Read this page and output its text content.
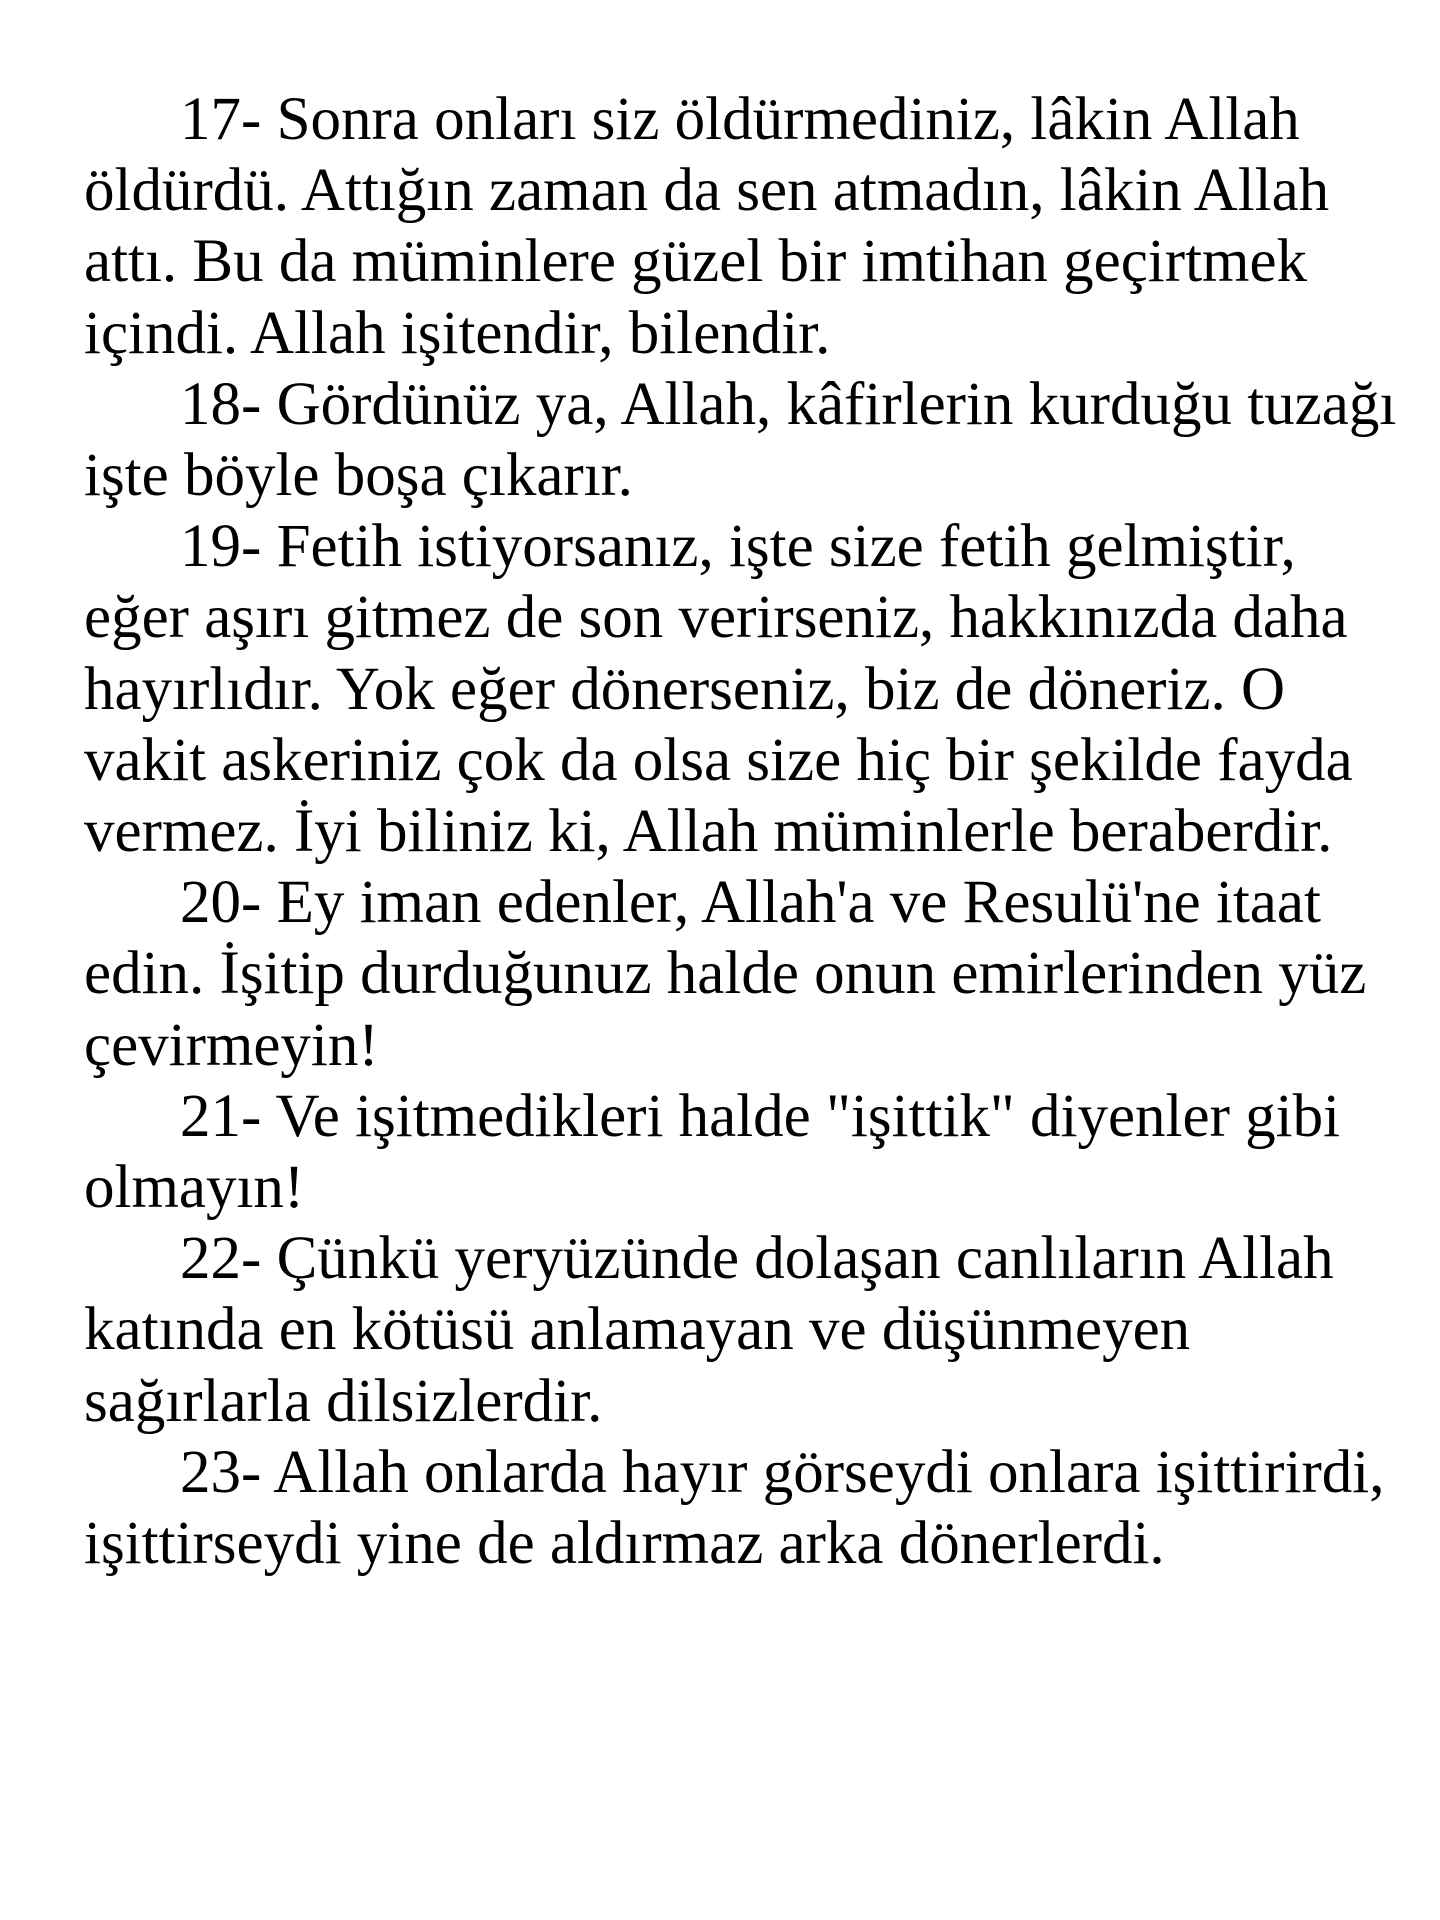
17- Sonra onları siz öldürmediniz, lâkin Allah öldürdü. Attığın zaman da sen atmadın, lâkin Allah attı. Bu da müminlere güzel bir imtihan geçirtmek içindi. Allah işitendir, bilendir.

18- Gördünüz ya, Allah, kâfirlerin kurduğu tuzağı işte böyle boşa çıkarır.

19- Fetih istiyorsanız, işte size fetih gelmiştir, eğer aşırı gitmez de son verirseniz, hakkınızda daha hayırlıdır. Yok eğer dönerseniz, biz de döneriz. O vakit askeriniz çok da olsa size hiç bir şekilde fayda vermez. İyi biliniz ki, Allah müminlerle beraberdir.

20- Ey iman edenler, Allah'a ve Resulü'ne itaat edin. İşitip durduğunuz halde onun emirlerinden yüz çevirmeyin!

21- Ve işitmedikleri halde "işittik" diyenler gibi olmayın!

22- Çünkü yeryüzünde dolaşan canlıların Allah katında en kötüsü anlamayan ve düşünmeyen sağırlarla dilsizlerdir.

23- Allah onlarda hayır görseydi onlara işittirirdi, işittirseydi yine de aldırmaz arka dönerlerdi.
